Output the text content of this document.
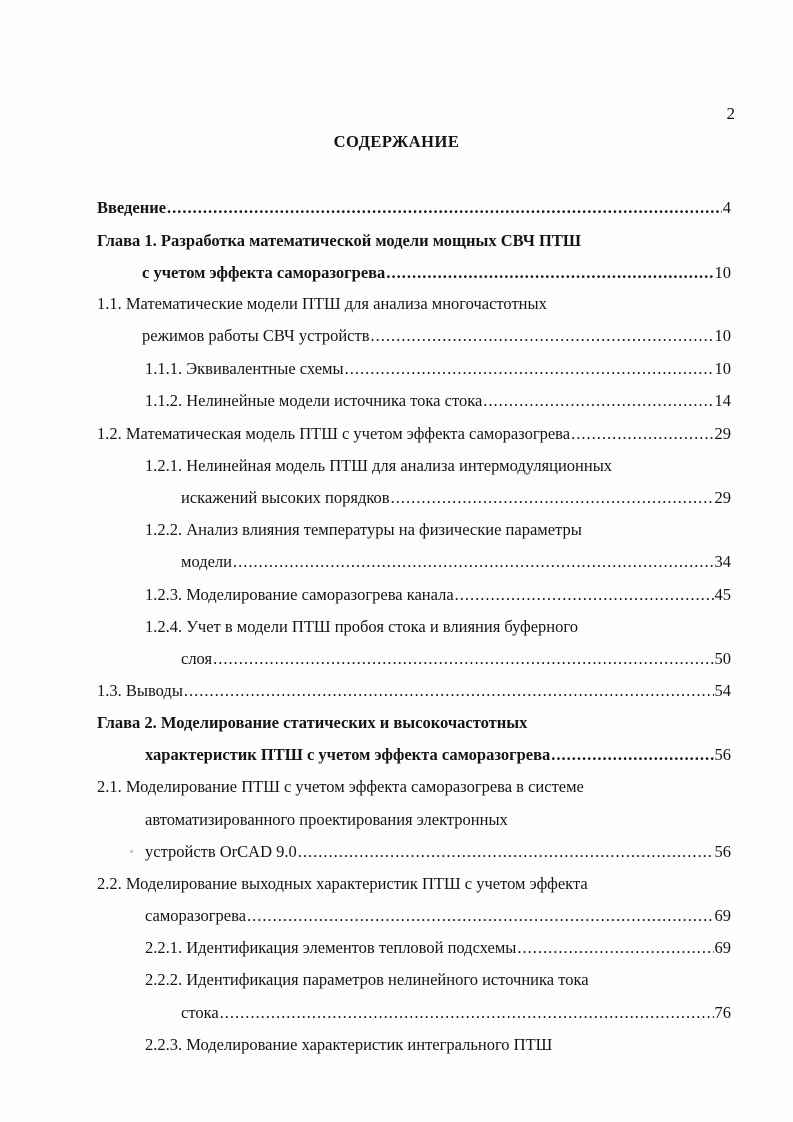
2
СОДЕРЖАНИЕ
Введение .....	4
Глава 1. Разработка математической модели мощных СВЧ ПТШ
с учетом эффекта саморазогрева .....	10
1.1. Математические модели ПТШ для анализа многочастотных
режимов работы СВЧ устройств .....	10
1.1.1. Эквивалентные схемы .....	10
1.1.2. Нелинейные модели источника тока стока .....	14
1.2. Математическая модель ПТШ с учетом эффекта саморазогрева .....	29
1.2.1. Нелинейная модель ПТШ для анализа интермодуляционных
искажений высоких порядков .....	29
1.2.2. Анализ влияния температуры на физические параметры
модели .....	34
1.2.3. Моделирование саморазогрева канала .....	45
1.2.4. Учет в модели ПТШ пробоя стока и влияния буферного
слоя .....	50
1.3. Выводы .....	54
Глава 2. Моделирование статических и высокочастотных
характеристик ПТШ с учетом эффекта саморазогрева .....	56
2.1. Моделирование ПТШ с учетом эффекта саморазогрева в системе
автоматизированного проектирования электронных
устройств OrCAD 9.0 .....	56
2.2. Моделирование выходных характеристик ПТШ с учетом эффекта
саморазогрева .....	69
2.2.1. Идентификация элементов тепловой подсхемы .....	69
2.2.2. Идентификация параметров нелинейного источника тока
стока .....	76
2.2.3. Моделирование характеристик интегрального ПТШ
